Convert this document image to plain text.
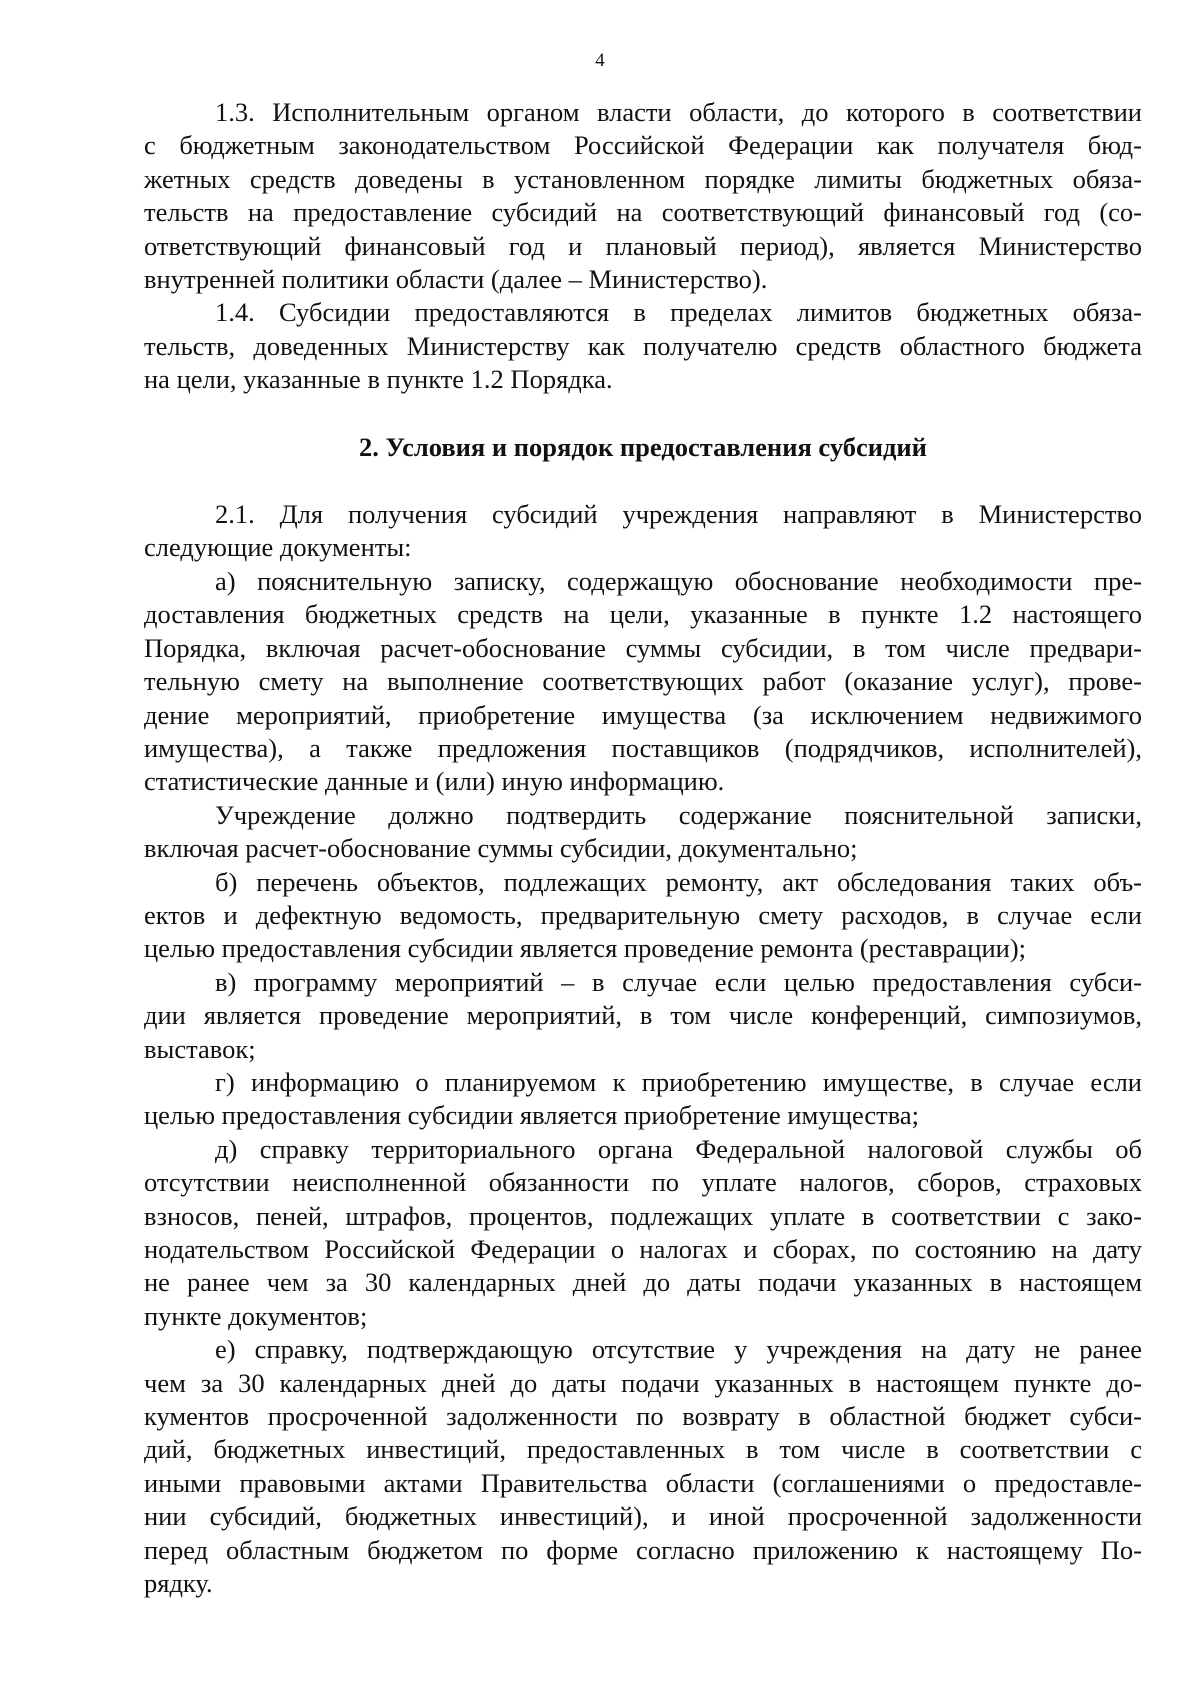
4
1.3. Исполнительным органом власти области, до которого в соответствии
с бюджетным законодательством Российской Федерации как получателя бюд-
жетных средств доведены в установленном порядке лимиты бюджетных обяза-
тельств на предоставление субсидий на соответствующий финансовый год (со-
ответствующий финансовый год и плановый период), является Министерство
внутренней политики области (далее – Министерство).
1.4. Субсидии предоставляются в пределах лимитов бюджетных обяза-
тельств, доведенных Министерству как получателю средств областного бюджета
на цели, указанные в пункте 1.2 Порядка.
2. Условия и порядок предоставления субсидий
2.1. Для получения субсидий учреждения направляют в Министерство
следующие документы:
а) пояснительную записку, содержащую обоснование необходимости пре-
доставления бюджетных средств на цели, указанные в пункте 1.2 настоящего
Порядка, включая расчет-обоснование суммы субсидии, в том числе предвари-
тельную смету на выполнение соответствующих работ (оказание услуг), прове-
дение мероприятий, приобретение имущества (за исключением недвижимого
имущества), а также предложения поставщиков (подрядчиков, исполнителей),
статистические данные и (или) иную информацию.
Учреждение должно подтвердить содержание пояснительной записки,
включая расчет-обоснование суммы субсидии, документально;
б) перечень объектов, подлежащих ремонту, акт обследования таких объ-
ектов и дефектную ведомость, предварительную смету расходов, в случае если
целью предоставления субсидии является проведение ремонта (реставрации);
в) программу мероприятий – в случае если целью предоставления субси-
дии является проведение мероприятий, в том числе конференций, симпозиумов,
выставок;
г) информацию о планируемом к приобретению имуществе, в случае если
целью предоставления субсидии является приобретение имущества;
д) справку территориального органа Федеральной налоговой службы об
отсутствии неисполненной обязанности по уплате налогов, сборов, страховых
взносов, пеней, штрафов, процентов, подлежащих уплате в соответствии с зако-
нодательством Российской Федерации о налогах и сборах, по состоянию на дату
не ранее чем за 30 календарных дней до даты подачи указанных в настоящем
пункте документов;
е) справку, подтверждающую отсутствие у учреждения на дату не ранее
чем за 30 календарных дней до даты подачи указанных в настоящем пункте до-
кументов просроченной задолженности по возврату в областной бюджет субси-
дий, бюджетных инвестиций, предоставленных в том числе в соответствии с
иными правовыми актами Правительства области (соглашениями о предоставле-
нии субсидий, бюджетных инвестиций), и иной просроченной задолженности
перед областным бюджетом по форме согласно приложению к настоящему По-
рядку.
